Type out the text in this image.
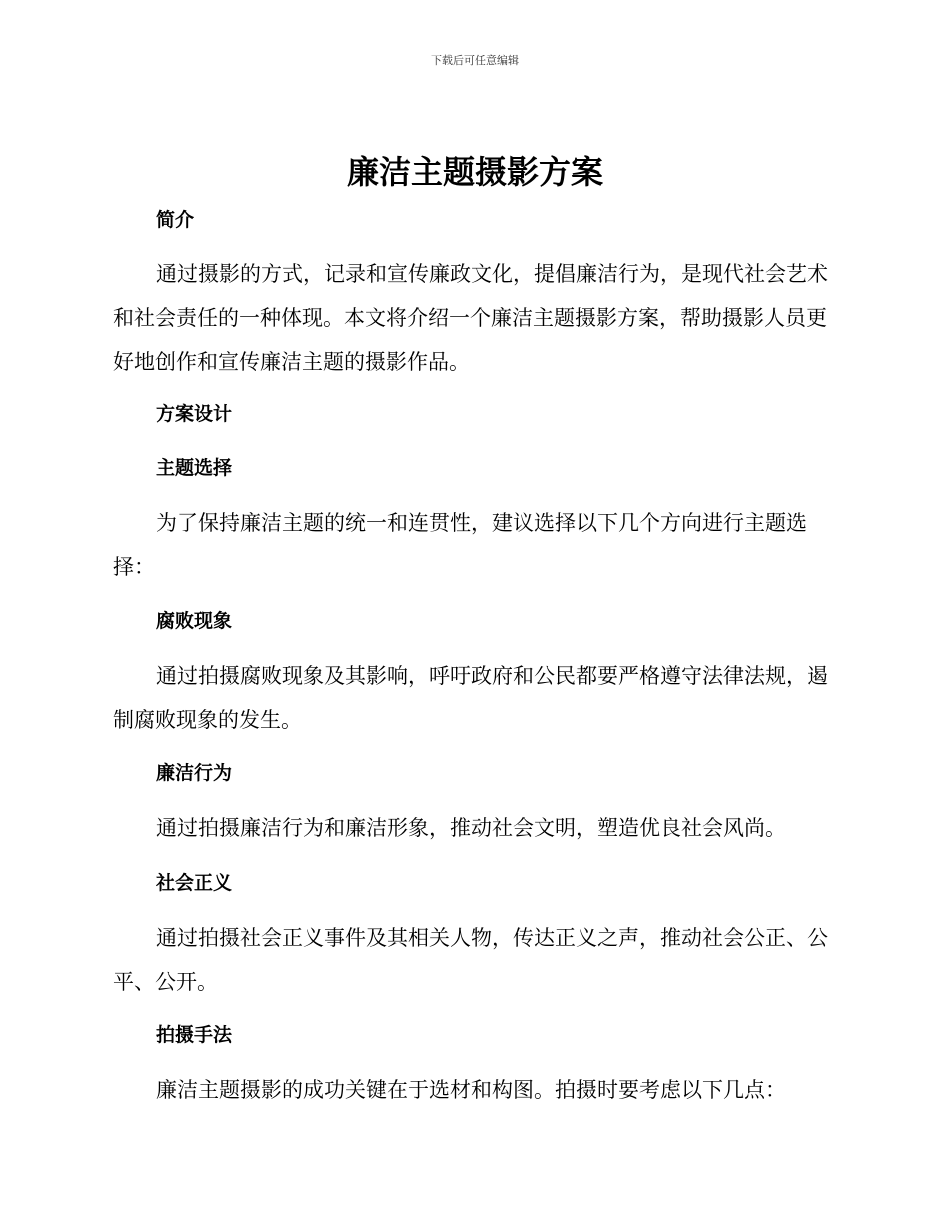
下载后可任意编辑
廉洁主题摄影方案
简介

通过摄影的方式，记录和宣传廉政文化，提倡廉洁行为，是现代社会艺术和社会责任的一种体现。本文将介绍一个廉洁主题摄影方案，帮助摄影人员更好地创作和宣传廉洁主题的摄影作品。

方案设计
主题选择

为了保持廉洁主题的统一和连贯性，建议选择以下几个方向进行主题选择：

腐败现象

通过拍摄腐败现象及其影响，呼吁政府和公民都要严格遵守法律法规，遏制腐败现象的发生。

廉洁行为

通过拍摄廉洁行为和廉洁形象，推动社会文明，塑造优良社会风尚。

社会正义

通过拍摄社会正义事件及其相关人物，传达正义之声，推动社会公正、公平、公开。

拍摄手法

廉洁主题摄影的成功关键在于选材和构图。拍摄时要考虑以下几点：
